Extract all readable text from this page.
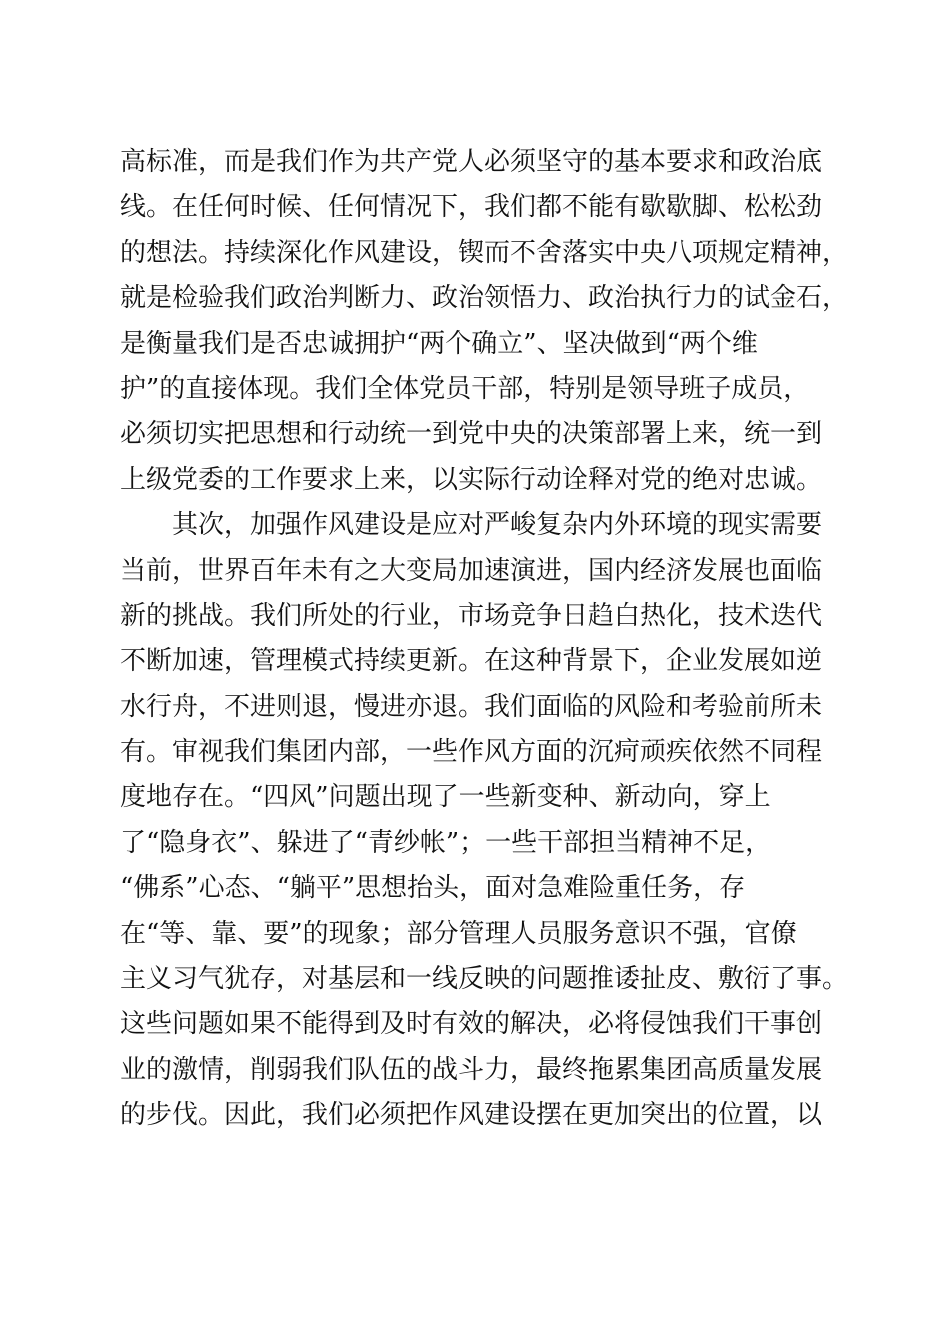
高标准，而是我们作为共产党人必须坚守的基本要求和政治底
线。在任何时候、任何情况下，我们都不能有歇歇脚、松松劲
的想法。持续深化作风建设，锲而不舍落实中央八项规定精神，
就是检验我们政治判断力、政治领悟力、政治执行力的试金石，
是衡量我们是否忠诚拥护“两个确立”、坚决做到“两个维
护”的直接体现。我们全体党员干部，特别是领导班子成员，
必须切实把思想和行动统一到党中央的决策部署上来，统一到
上级党委的工作要求上来，以实际行动诠释对党的绝对忠诚。
其次，加强作风建设是应对严峻复杂内外环境的现实需要
当前，世界百年未有之大变局加速演进，国内经济发展也面临
新的挑战。我们所处的行业，市场竞争日趋白热化，技术迭代
不断加速，管理模式持续更新。在这种背景下，企业发展如逆
水行舟，不进则退，慢进亦退。我们面临的风险和考验前所未
有。审视我们集团内部，一些作风方面的沉疴顽疾依然不同程
度地存在。“四风”问题出现了一些新变种、新动向，穿上
了“隐身衣”、躲进了“青纱帐”；一些干部担当精神不足，
“佛系”心态、“躺平”思想抬头，面对急难险重任务，存
在“等、靠、要”的现象；部分管理人员服务意识不强，官僚
主义习气犹存，对基层和一线反映的问题推诿扯皮、敷衍了事。
这些问题如果不能得到及时有效的解决，必将侵蚀我们干事创
业的激情，削弱我们队伍的战斗力，最终拖累集团高质量发展
的步伐。因此，我们必须把作风建设摆在更加突出的位置，以
